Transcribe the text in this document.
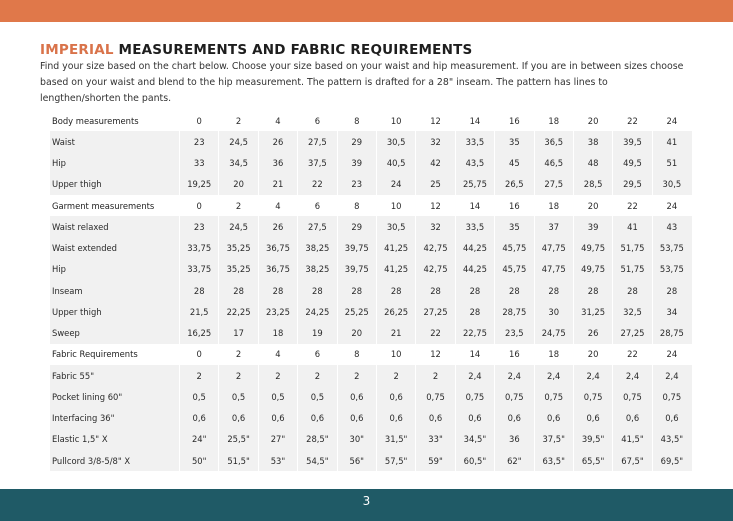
IMPERIAL MEASUREMENTS AND FABRIC REQUIREMENTS
Find your size based on the chart below. Choose your size based on your waist and hip measurement. If you are in between sizes choose based on your waist and blend to the hip measurement. The pattern is drafted for a 28" inseam. The pattern has lines to lengthen/shorten the pants.
Body measurements	0	2	4	6	8	10	12	14	16	18	20	22	24
Waist	23	24,5	26	27,5	29	30,5	32	33,5	35	36,5	38	39,5	41
Hip	33	34,5	36	37,5	39	40,5	42	43,5	45	46,5	48	49,5	51
Upper thigh	19,25	20	21	22	23	24	25	25,75	26,5	27,5	28,5	29,5	30,5
Garment measurements	0	2	4	6	8	10	12	14	16	18	20	22	24
Waist relaxed	23	24,5	26	27,5	29	30,5	32	33,5	35	37	39	41	43
Waist extended	33,75	35,25	36,75	38,25	39,75	41,25	42,75	44,25	45,75	47,75	49,75	51,75	53,75
Hip	33,75	35,25	36,75	38,25	39,75	41,25	42,75	44,25	45,75	47,75	49,75	51,75	53,75
Inseam	28	28	28	28	28	28	28	28	28	28	28	28	28
Upper thigh	21,5	22,25	23,25	24,25	25,25	26,25	27,25	28	28,75	30	31,25	32,5	34
Sweep	16,25	17	18	19	20	21	22	22,75	23,5	24,75	26	27,25	28,75
Fabric Requirements	0	2	4	6	8	10	12	14	16	18	20	22	24
Fabric 55"	2	2	2	2	2	2	2	2,4	2,4	2,4	2,4	2,4	2,4
Pocket lining 60"	0,5	0,5	0,5	0,5	0,6	0,6	0,75	0,75	0,75	0,75	0,75	0,75	0,75
Interfacing 36"	0,6	0,6	0,6	0,6	0,6	0,6	0,6	0,6	0,6	0,6	0,6	0,6	0,6
Elastic 1,5" X	24"	25,5"	27"	28,5"	30"	31,5"	33"	34,5"	36	37,5"	39,5"	41,5"	43,5"
Pullcord 3/8-5/8" X	50"	51,5"	53"	54,5"	56"	57,5"	59"	60,5"	62"	63,5"	65,5"	67,5"	69,5"
3
